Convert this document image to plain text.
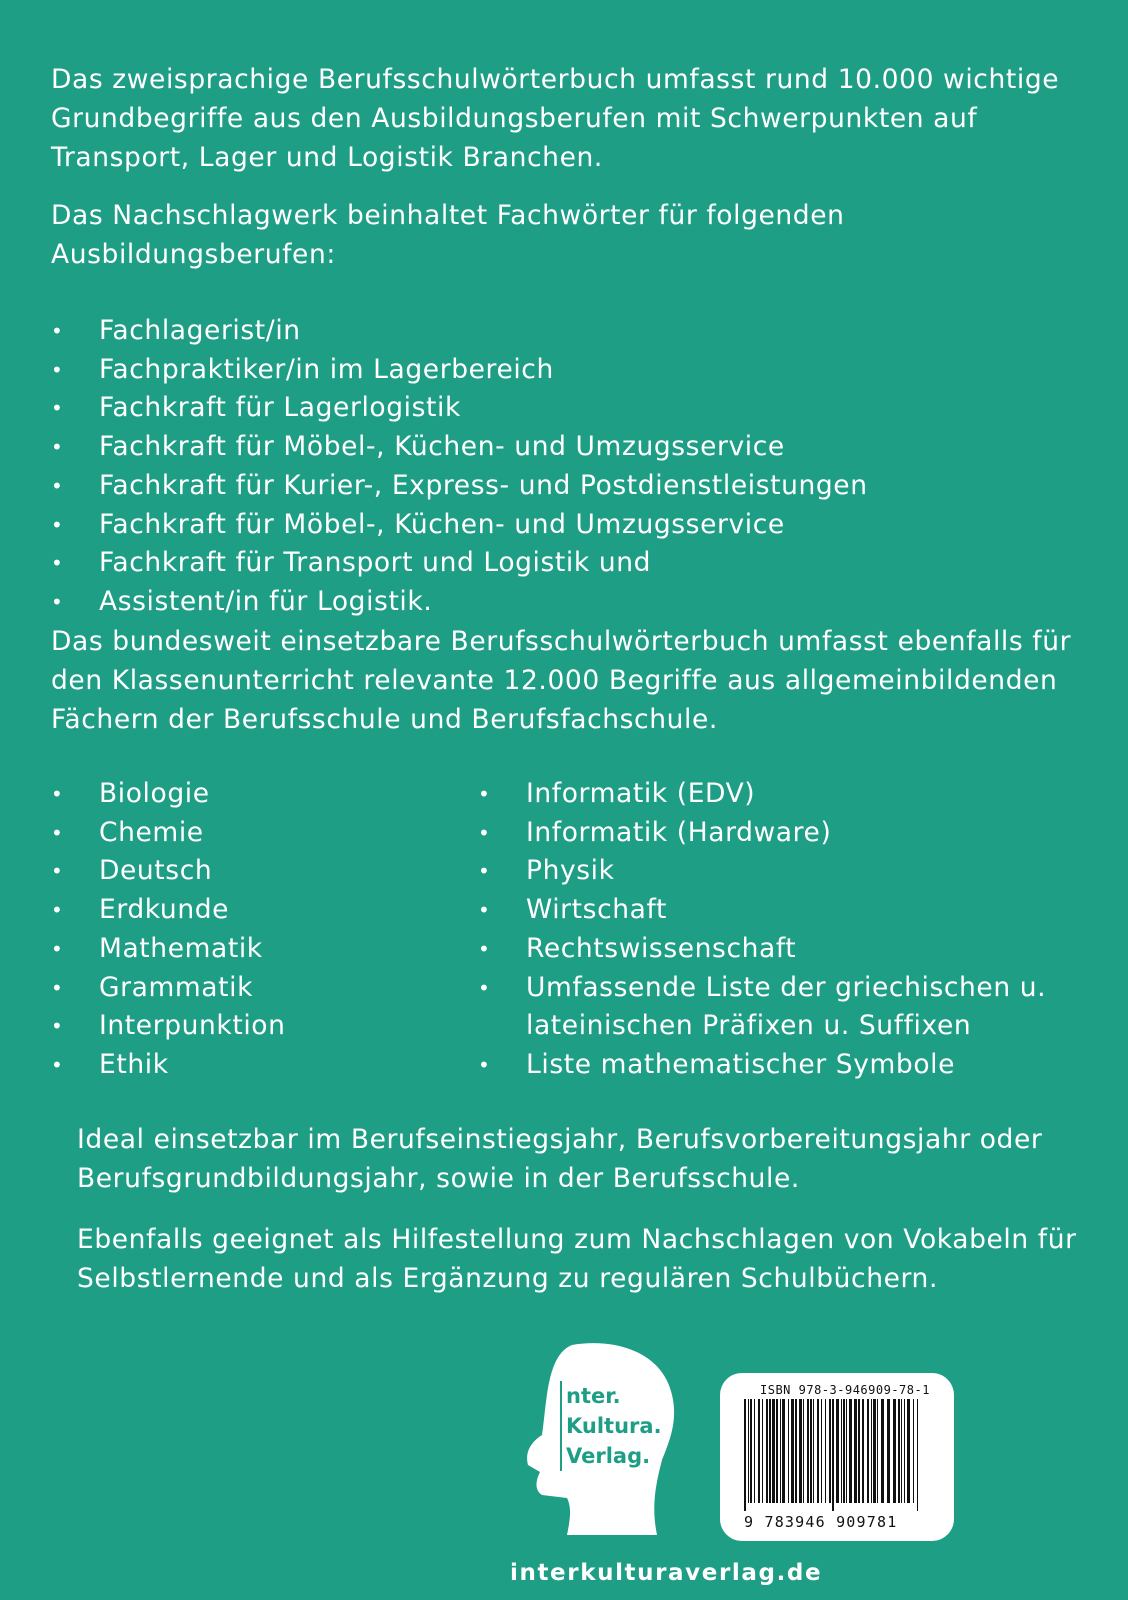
Das zweisprachige Berufsschulwörterbuch umfasst rund 10.000 wichtige Grundbegriffe aus den Ausbildungsberufen mit Schwerpunkten auf Transport, Lager und Logistik Branchen.

Das Nachschlagwerk beinhaltet Fachwörter für folgenden Ausbildungsberufen:

• Fachlagerist/in
• Fachpraktiker/in im Lagerbereich
• Fachkraft für Lagerlogistik
• Fachkraft für Möbel-, Küchen- und Umzugsservice
• Fachkraft für Kurier-, Express- und Postdienstleistungen
• Fachkraft für Möbel-, Küchen- und Umzugsservice
• Fachkraft für Transport und Logistik und
• Assistent/in für Logistik.

Das bundesweit einsetzbare Berufsschulwörterbuch umfasst ebenfalls für den Klassenunterricht relevante 12.000 Begriffe aus allgemeinbildenden Fächern der Berufsschule und Berufsfachschule.

• Biologie
• Chemie
• Deutsch
• Erdkunde
• Mathematik
• Grammatik
• Interpunktion
• Ethik
• Informatik (EDV)
• Informatik (Hardware)
• Physik
• Wirtschaft
• Rechtswissenschaft
• Umfassende Liste der griechischen u. lateinischen Präfixen u. Suffixen
• Liste mathematischer Symbole

Ideal einsetzbar im Berufseinstiegsjahr, Berufsvorbereitungsjahr oder Berufsgrundbildungsjahr, sowie in der Berufsschule.

Ebenfalls geeignet als Hilfestellung zum Nachschlagen von Vokabeln für Selbstlernende und als Ergänzung zu regulären Schulbüchern.

nter.
Kultura.
Verlag.
ISBN 978-3-946909-78-1
9 783946 909781
interkulturaverlag.de
